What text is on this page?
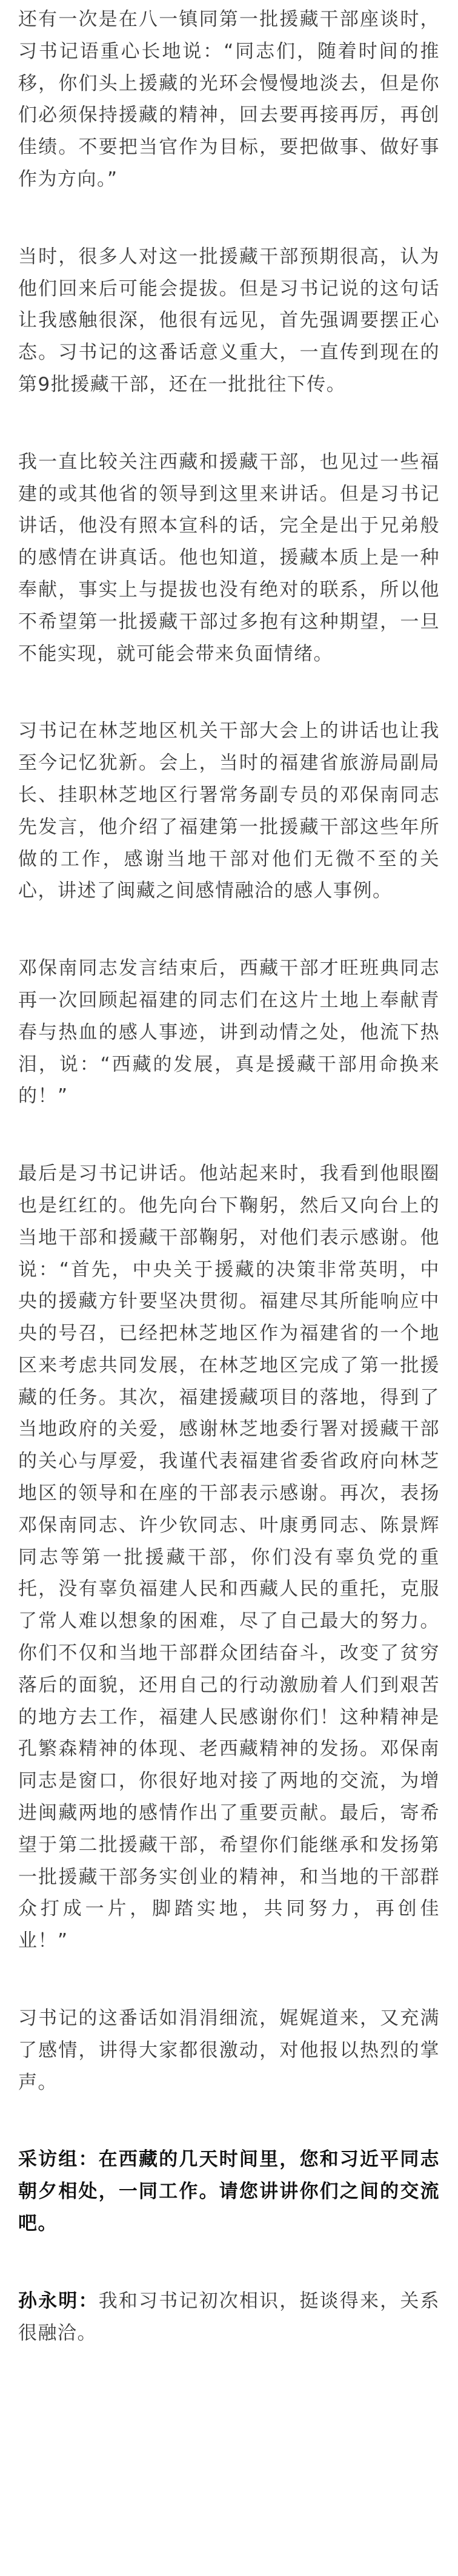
还有一次是在八一镇同第一批援藏干部座谈时，习书记语重心长地说：“同志们，随着时间的推移，你们头上援藏的光环会慢慢地淡去，但是你们必须保持援藏的精神，回去要再接再厉，再创佳绩。不要把当官作为目标，要把做事、做好事作为方向。”

当时，很多人对这一批援藏干部预期很高，认为他们回来后可能会提拔。但是习书记说的这句话让我感触很深，他很有远见，首先强调要摆正心态。习书记的这番话意义重大，一直传到现在的第9批援藏干部，还在一批批往下传。

我一直比较关注西藏和援藏干部，也见过一些福建的或其他省的领导到这里来讲话。但是习书记讲话，他没有照本宣科的话，完全是出于兄弟般的感情在讲真话。他也知道，援藏本质上是一种奉献，事实上与提拔也没有绝对的联系，所以他不希望第一批援藏干部过多抱有这种期望，一旦不能实现，就可能会带来负面情绪。

习书记在林芝地区机关干部大会上的讲话也让我至今记忆犹新。会上，当时的福建省旅游局副局长、挂职林芝地区行署常务副专员的邓保南同志先发言，他介绍了福建第一批援藏干部这些年所做的工作，感谢当地干部对他们无微不至的关心，讲述了闽藏之间感情融洽的感人事例。

邓保南同志发言结束后，西藏干部才旺班典同志再一次回顾起福建的同志们在这片土地上奉献青春与热血的感人事迹，讲到动情之处，他流下热泪，说：“西藏的发展，真是援藏干部用命换来的！”

最后是习书记讲话。他站起来时，我看到他眼圈也是红红的。他先向台下鞠躬，然后又向台上的当地干部和援藏干部鞠躬，对他们表示感谢。他说：“首先，中央关于援藏的决策非常英明，中央的援藏方针要坚决贯彻。福建尽其所能响应中央的号召，已经把林芝地区作为福建省的一个地区来考虑共同发展，在林芝地区完成了第一批援藏的任务。其次，福建援藏项目的落地，得到了当地政府的关爱，感谢林芝地委行署对援藏干部的关心与厚爱，我谨代表福建省委省政府向林芝地区的领导和在座的干部表示感谢。再次，表扬邓保南同志、许少钦同志、叶康勇同志、陈景辉同志等第一批援藏干部，你们没有辜负党的重托，没有辜负福建人民和西藏人民的重托，克服了常人难以想象的困难，尽了自己最大的努力。你们不仅和当地干部群众团结奋斗，改变了贫穷落后的面貌，还用自己的行动激励着人们到艰苦的地方去工作，福建人民感谢你们！这种精神是孔繁森精神的体现、老西藏精神的发扬。邓保南同志是窗口，你很好地对接了两地的交流，为增进闽藏两地的感情作出了重要贡献。最后，寄希望于第二批援藏干部，希望你们能继承和发扬第一批援藏干部务实创业的精神，和当地的干部群众打成一片，脚踏实地，共同努力，再创佳业！”

习书记的这番话如涓涓细流，娓娓道来，又充满了感情，讲得大家都很激动，对他报以热烈的掌声。

采访组：在西藏的几天时间里，您和习近平同志朝夕相处，一同工作。请您讲讲你们之间的交流吧。

孙永明：我和习书记初次相识，挺谈得来，关系很融洽。
